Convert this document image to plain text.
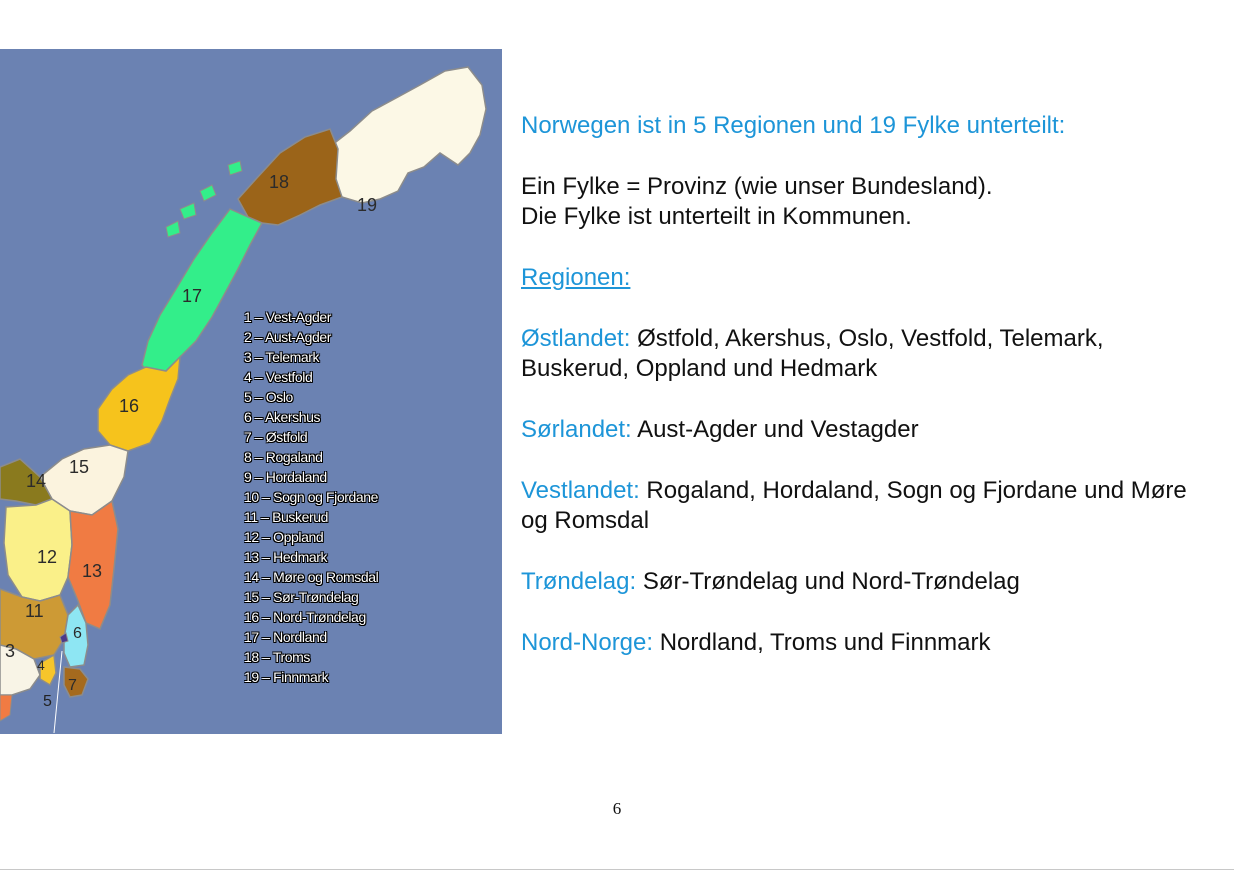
19
18
17
16
15
14
12
13
11
3
4
6
7
5
1 – Vest-Agder
2 – Aust-Agder
3 – Telemark
4 – Vestfold
5 – Oslo
6 – Akershus
7 – Østfold
8 – Rogaland
9 – Hordaland
10 – Sogn og Fjordane
11 – Buskerud
12 – Oppland
13 – Hedmark
14 – Møre og Romsdal
15 – Sør-Trøndelag
16 – Nord-Trøndelag
17 – Nordland
18 – Troms
19 – Finnmark

Norwegen ist in 5 Regionen und 19 Fylke unterteilt:

Ein Fylke = Provinz (wie unser Bundesland).

Die Fylke ist unterteilt in Kommunen.

Regionen:

Østlandet: Østfold, Akershus, Oslo, Vestfold, Telemark, Buskerud, Oppland und Hedmark

Sørlandet: Aust-Agder und Vestagder

Vestlandet: Rogaland, Hordaland, Sogn og Fjordane und Møre og Romsdal

Trøndelag: Sør-Trøndelag und Nord-Trøndelag

Nord-Norge: Nordland, Troms und Finnmark

6
